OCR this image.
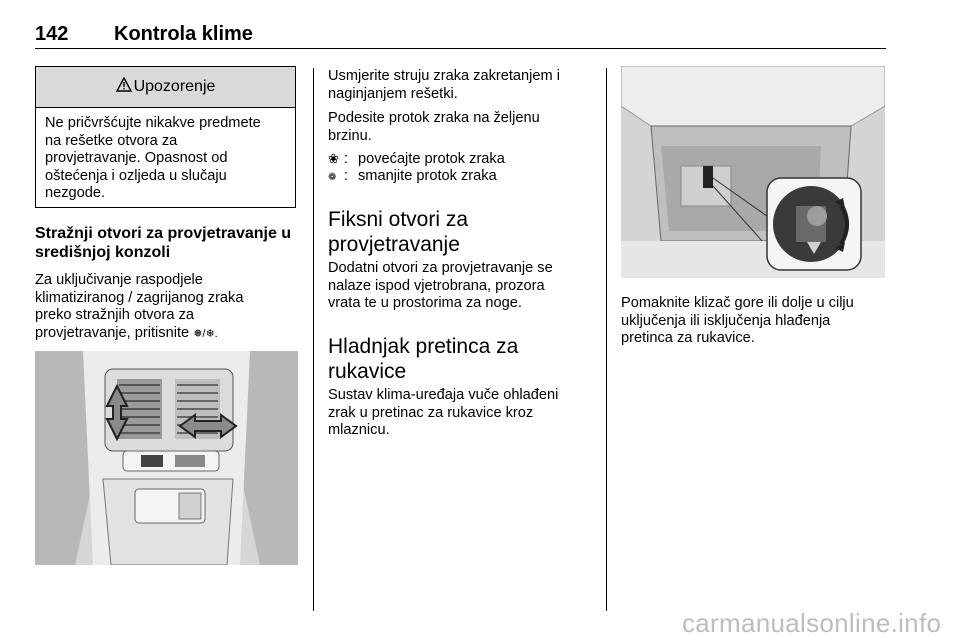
142 Kontrola klime
Upozorenje
Ne pričvršćujte nikakve predmete
na rešetke otvora za
provjetravanje. Opasnost od
oštećenja i ozljeda u slučaju
nezgode.
Stražnji otvori za provjetravanje u
središnjoj konzoli
Za uključivanje raspodjele
klimatiziranog / zagrijanog zraka
preko stražnjih otvora za
provjetravanje, pritisnite ❅/❄.
Usmjerite struju zraka zakretanjem i
naginjanjem rešetki.
Podesite protok zraka na željenu
brzinu.
❀ : povećajte protok zraka
❁ : smanjite protok zraka
Fiksni otvori za
provjetravanje
Dodatni otvori za provjetravanje se
nalaze ispod vjetrobrana, prozora
vrata te u prostorima za noge.
Hladnjak pretinca za
rukavice
Sustav klima-uređaja vuče ohlađeni
zrak u pretinac za rukavice kroz
mlaznicu.
Pomaknite klizač gore ili dolje u cilju
uključenja ili isključenja hlađenja
pretinca za rukavice.
carmanualsonline.info
